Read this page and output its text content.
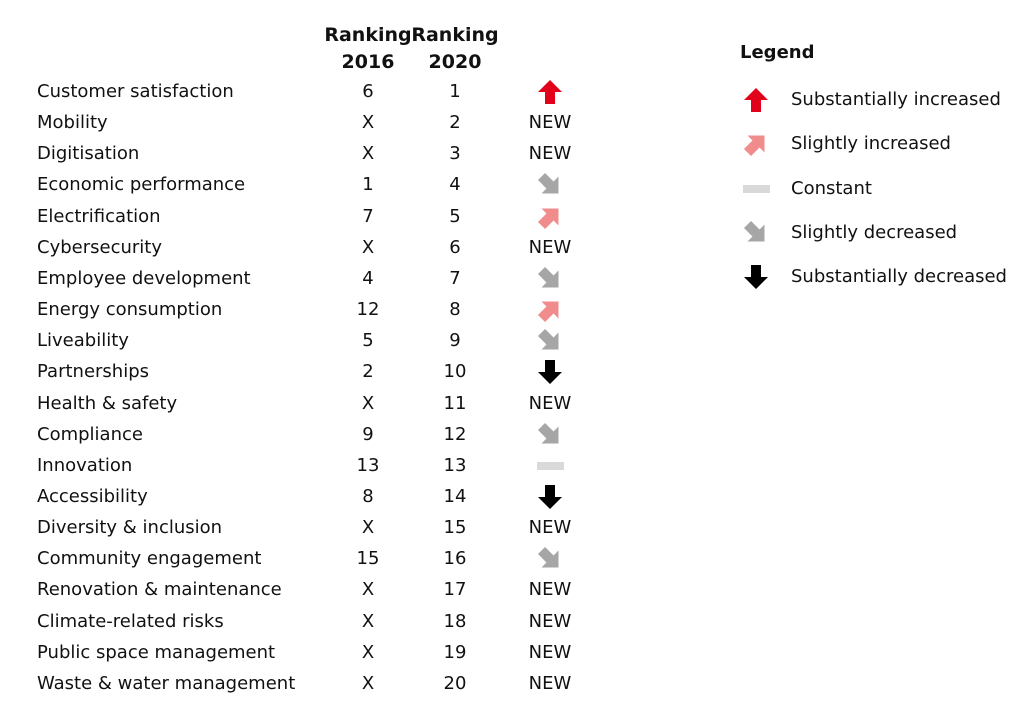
Ranking
2016
Ranking
2020
Customer satisfaction	6	1
Mobility	X	2	NEW
Digitisation	X	3	NEW
Economic performance	1	4
Electrification	7	5
Cybersecurity	X	6	NEW
Employee development	4	7
Energy consumption	12	8
Liveability	5	9
Partnerships	2	10
Health & safety	X	11	NEW
Compliance	9	12
Innovation	13	13
Accessibility	8	14
Diversity & inclusion	X	15	NEW
Community engagement	15	16
Renovation & maintenance	X	17	NEW
Climate-related risks	X	18	NEW
Public space management	X	19	NEW
Waste & water management	X	20	NEW
Legend
Substantially increased
Slightly increased
Constant
Slightly decreased
Substantially decreased
